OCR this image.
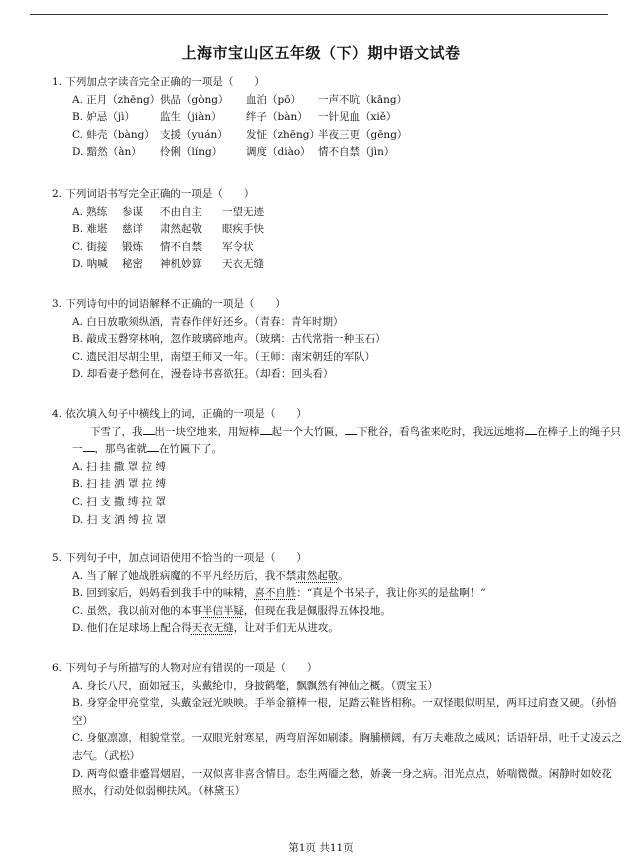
上海市宝山区五年级（下）期中语文试卷
1. 下列加点字读音完全正确的一项是（　　）
A. 正月（zhēng）供品（gòng） 血泊（pō） 一声不吭（kāng）
B. 妒忌（jì） 监生（jiàn） 绊子（bàn） 一针见血（xiě）
C. 蚌壳（bàng） 支援（yuán） 发怔（zhēng）半夜三更（gēng）
D. 黯然（àn） 伶俐（líng） 调度（diào） 情不自禁（jìn）
2. 下列词语书写完全正确的一项是（　　）
A. 熟练 参谋 不由自主 一望无迹
B. 难堪 慈详 肃然起敬 眼疾手快
C. 街接 锻炼 情不自禁 军令状
D. 呐喊 秘密 神机妙算 天衣无缝
3. 下列诗句中的词语解释不正确的一项是（　　）
A. 白日放歌须纵酒，青春作伴好还乡。（青春：青年时期）
B. 敲成玉磬穿林响，忽作玻璃碎地声。（玻璃：古代常指一种玉石）
C. 遗民泪尽胡尘里，南望王师又一年。（王师：南宋朝廷的军队）
D. 却看妻子愁何在，漫卷诗书喜欲狂。（却看：回头看）
4. 依次填入句子中横线上的词，正确的一项是（　　）
下雪了，我 出一块空地来，用短棒 起一个大竹匾， 下秕谷，看鸟雀来吃时，我远远地将 在棒子上的绳子只一 ，那鸟雀就 在竹匾下了。
A. 扫 挂 撒 罩 拉 缚
B. 扫 挂 洒 罩 拉 缚
C. 扫 支 撒 缚 拉 罩
D. 扫 支 洒 缚 拉 罩
5. 下列句子中，加点词语使用不恰当的一项是（　　）
A. 当了解了她战胜病魔的不平凡经历后，我不禁肃然起敬。
B. 回到家后，妈妈看到我手中的味精，喜不自胜：“真是个书呆子，我让你买的是盐啊！”
C. 虽然，我以前对他的本事半信半疑，但现在我是佩服得五体投地。
D. 他们在足球场上配合得天衣无缝，让对手们无从进攻。
6. 下列句子与所描写的人物对应有错误的一项是（　　）
A. 身长八尺，面如冠玉，头戴纶巾，身披鹤氅，飘飘然有神仙之概。（贾宝玉）
B. 身穿金甲亮堂堂，头戴金冠光映映。手举金箍棒一根，足踏云鞋皆相称。一双怪眼似明星，两耳过肩查又硬。（孙悟空）
C. 身躯凛凛，相貌堂堂。一双眼光射寒星，两弯眉浑如刷漆。胸脯横阔，有万夫难敌之威风；话语轩昂，吐千丈凌云之志气。（武松）
D. 两弯似蹙非蹙罥烟眉，一双似喜非喜含情目。态生两靥之愁，娇袭一身之病。泪光点点，娇喘微微。闲静时如姣花照水，行动处似弱柳扶风。（林黛玉）
第1页 共11页
